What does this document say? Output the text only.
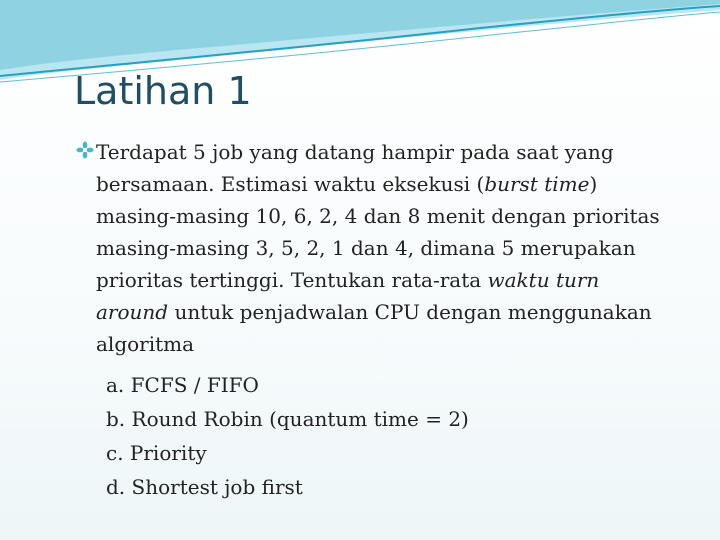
Latihan 1

Terdapat 5 job yang datang hampir pada saat yang bersamaan. Estimasi waktu eksekusi (burst time) masing-masing 10, 6, 2, 4 dan 8 menit dengan prioritas masing-masing 3, 5, 2, 1 dan 4, dimana 5 merupakan prioritas tertinggi. Tentukan rata-rata waktu turn around untuk penjadwalan CPU dengan menggunakan algoritma

a. FCFS / FIFO
b. Round Robin (quantum time = 2)
c. Priority
d. Shortest job first
